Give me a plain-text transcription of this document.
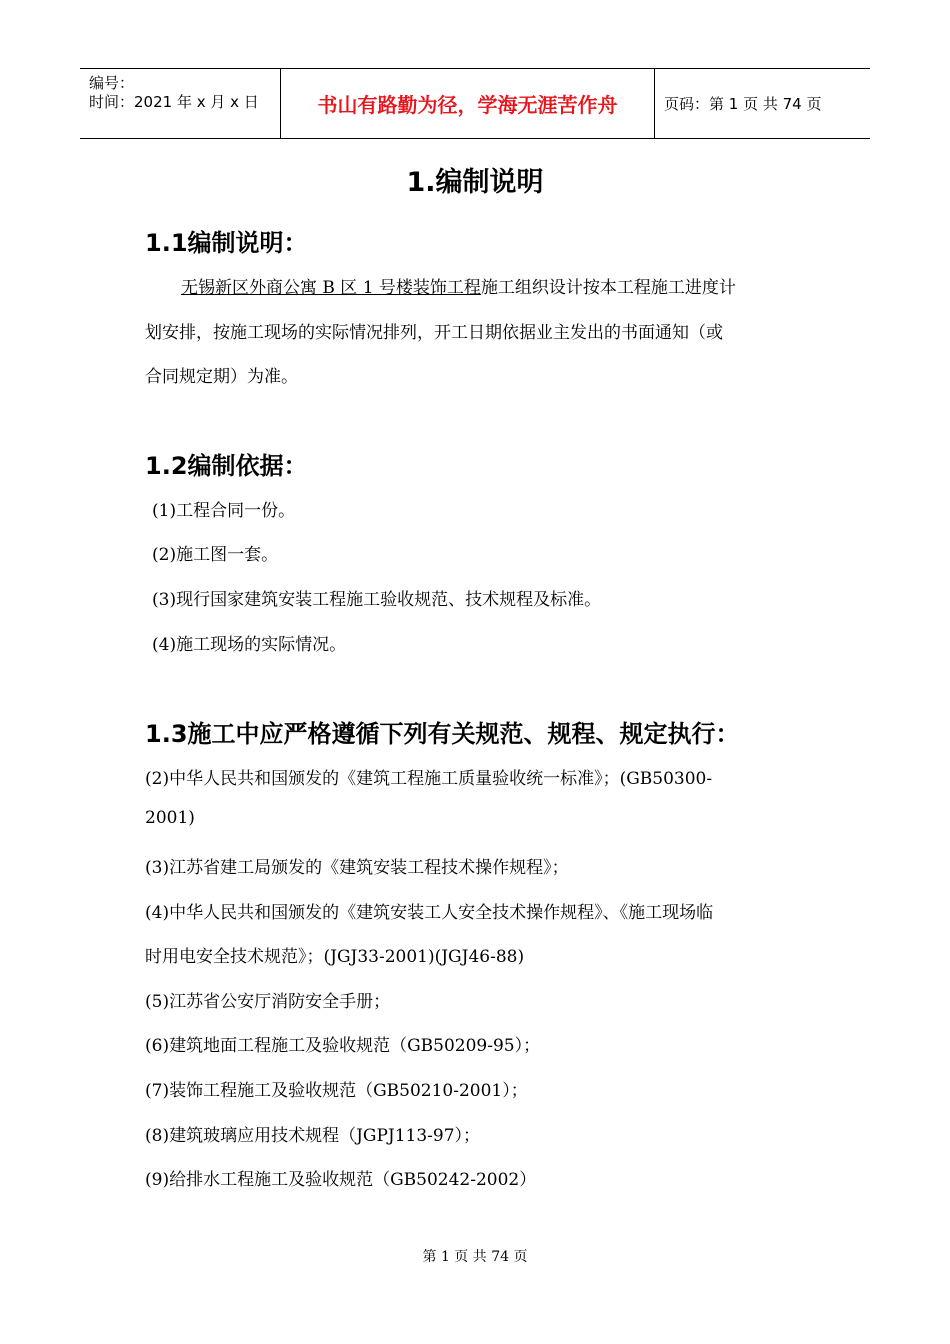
编号：
时间：2021 年 x 月 x 日	书山有路勤为径，学海无涯苦作舟	页码：第 1 页 共 74 页
1.编制说明
1.1编制说明：
无锡新区外商公寓 B 区 1 号楼装饰工程施工组织设计按本工程施工进度计
划安排，按施工现场的实际情况排列，开工日期依据业主发出的书面通知（或
合同规定期）为准。
1.2编制依据：
(1)工程合同一份。
(2)施工图一套。
(3)现行国家建筑安装工程施工验收规范、技术规程及标准。
(4)施工现场的实际情况。
1.3施工中应严格遵循下列有关规范、规程、规定执行：
(2)中华人民共和国颁发的《建筑工程施工质量验收统一标准》；(GB50300-
2001)
(3)江苏省建工局颁发的《建筑安装工程技术操作规程》；
(4)中华人民共和国颁发的《建筑安装工人安全技术操作规程》、《施工现场临
时用电安全技术规范》；(JGJ33-2001)(JGJ46-88)
(5)江苏省公安厅消防安全手册；
(6)建筑地面工程施工及验收规范（GB50209-95）；
(7)装饰工程施工及验收规范（GB50210-2001）；
(8)建筑玻璃应用技术规程（JGPJ113-97）；
(9)给排水工程施工及验收规范（GB50242-2002）
第 1 页 共 74 页
